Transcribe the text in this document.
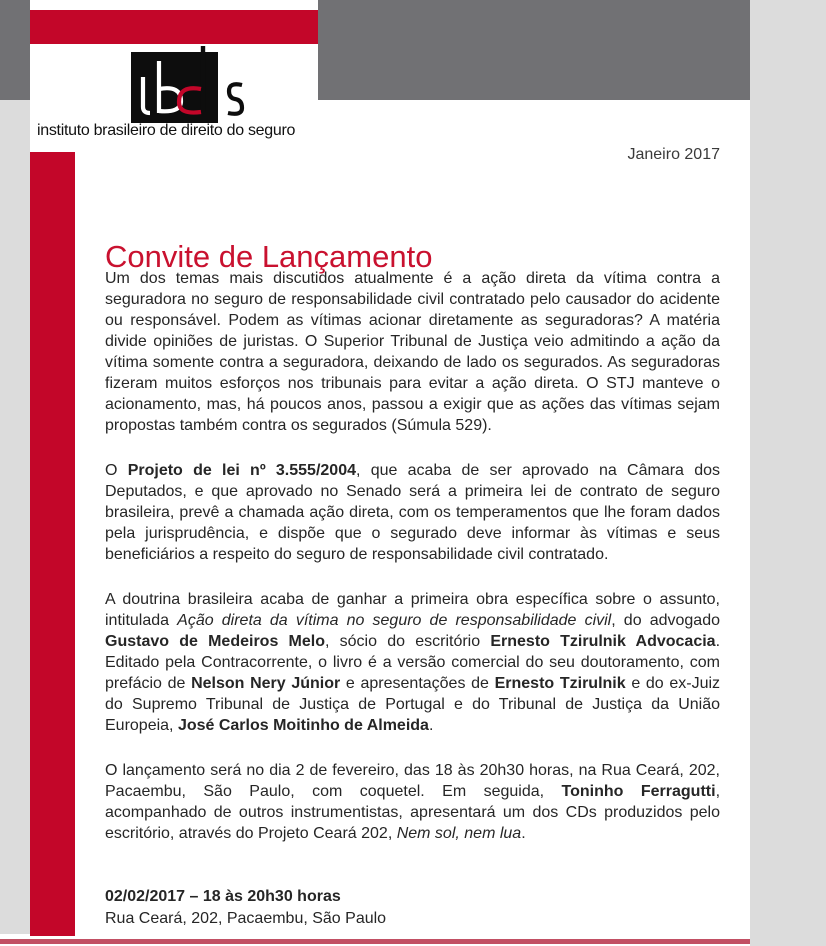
instituto brasileiro de direito do seguro
Janeiro 2017
Convite de Lançamento

Um dos temas mais discutidos atualmente é a ação direta da vítima contra a seguradora no seguro de responsabilidade civil contratado pelo causador do acidente ou responsável. Podem as vítimas acionar diretamente as seguradoras? A matéria divide opiniões de juristas. O Superior Tribunal de Justiça veio admitindo a ação da vítima somente contra a seguradora, deixando de lado os segurados. As seguradoras fizeram muitos esforços nos tribunais para evitar a ação direta. O STJ manteve o acionamento, mas, há poucos anos, passou a exigir que as ações das vítimas sejam propostas também contra os segurados (Súmula 529).

O Projeto de lei nº 3.555/2004, que acaba de ser aprovado na Câmara dos Deputados, e que aprovado no Senado será a primeira lei de contrato de seguro brasileira, prevê a chamada ação direta, com os temperamentos que lhe foram dados pela jurisprudência, e dispõe que o segurado deve informar às vítimas e seus beneficiários a respeito do seguro de responsabilidade civil contratado.

A doutrina brasileira acaba de ganhar a primeira obra específica sobre o assunto, intitulada Ação direta da vítima no seguro de responsabilidade civil, do advogado Gustavo de Medeiros Melo, sócio do escritório Ernesto Tzirulnik Advocacia. Editado pela Contracorrente, o livro é a versão comercial do seu doutoramento, com prefácio de Nelson Nery Júnior e apresentações de Ernesto Tzirulnik e do ex-Juiz do Supremo Tribunal de Justiça de Portugal e do Tribunal de Justiça da União Europeia, José Carlos Moitinho de Almeida.

O lançamento será no dia 2 de fevereiro, das 18 às 20h30 horas, na Rua Ceará, 202, Pacaembu, São Paulo, com coquetel. Em seguida, Toninho Ferragutti, acompanhado de outros instrumentistas, apresentará um dos CDs produzidos pelo escritório, através do Projeto Ceará 202, Nem sol, nem lua.

02/02/2017 – 18 às 20h30 horas
Rua Ceará, 202, Pacaembu, São Paulo
